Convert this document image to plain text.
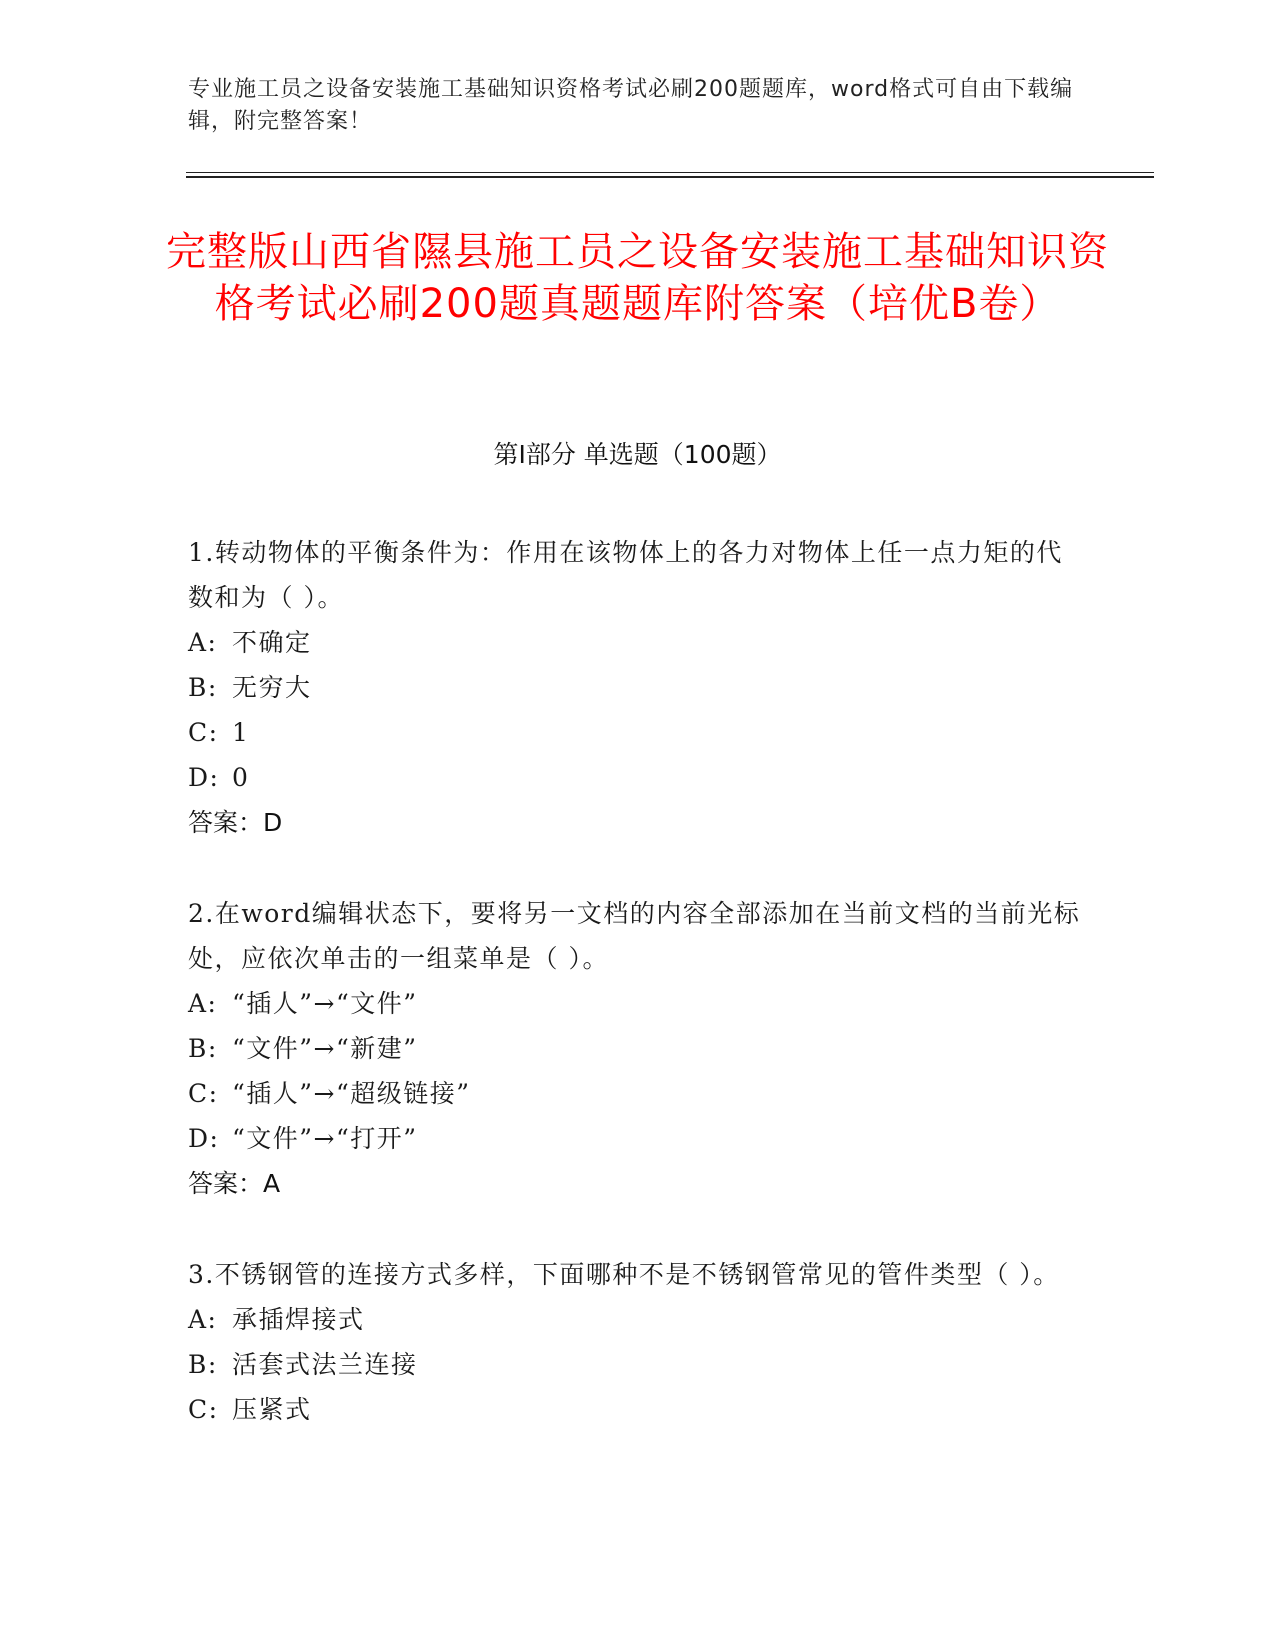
专业施工员之设备安装施工基础知识资格考试必刷200题题库，word格式可自由下载编辑，附完整答案！
完整版山西省隰县施工员之设备安装施工基础知识资格考试必刷200题真题题库附答案（培优B卷）
第I部分 单选题（100题）
1.转动物体的平衡条件为：作用在该物体上的各力对物体上任一点力矩的代数和为（ ）。
A: 不确定
B: 无穷大
C: 1
D: 0
答案：D
2.在word编辑状态下，要将另一文档的内容全部添加在当前文档的当前光标处，应依次单击的一组菜单是（ ）。
A: “插人”→“文件”
B: “文件”→“新建”
C: “插人”→“超级链接”
D: “文件”→“打开”
答案：A
3.不锈钢管的连接方式多样，下面哪种不是不锈钢管常见的管件类型（ ）。
A: 承插焊接式
B: 活套式法兰连接
C: 压紧式
